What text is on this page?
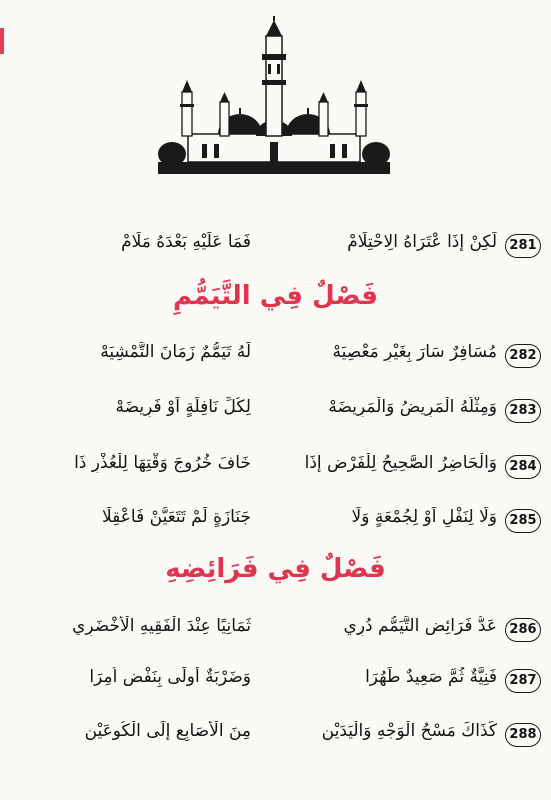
281
لَكِنْ إِذَا عْتَرَاهُ الِاحْتِلَامْ
فَمَا عَلَيْهِ بَعْدَهُ مَلَامْ
فَصْلٌ فِي التَّيَمُّمِ
282
مُسَافِرٌ سَارَ بِغَيْرِ مَعْصِيَهْ
لَهُ تَيَمُّمٌ زَمَانَ التَّمْشِيَهْ
283
وَمِثْلُهُ الْمَرِيضُ وَالْمَرِيضَهْ
لِكُلِّ نَافِلَةٍ اَوْ فَرِيضَهْ
284
وَالْحَاضِرُ الصَّحِيحُ لِلْفَرْضِ إِذَا
خَافَ خُرُوجَ وَقْتِهَا لِلْعُذْرِ ذَا
285
وَلَا لِنَفْلٍ اَوْ لِجُمْعَةٍ وَلَا
جَنَازَةٍ لَمْ تَتَعَيَّنْ فَاعْقِلَا
فَصْلٌ فِي فَرَائِضِهِ
286
عَدُّ فَرَائِضِ التَّيَمُّمِ دُرِي
ثَمَانِيًا عِنْدَ الْفَقِيهِ الْأَخْضَرِي
287
فَنِيَّةٌ ثُمَّ صَعِيدٌ طَهُرَا
وَضَرْبَةٌ أُولَى بِنَفْضٍ اُمِرَا
288
كَذَاكَ مَسْحُ الْوَجْهِ وَالْيَدَيْنِ
مِنَ الْأَصَابِعِ إِلَى الْكُوعَيْنِ
